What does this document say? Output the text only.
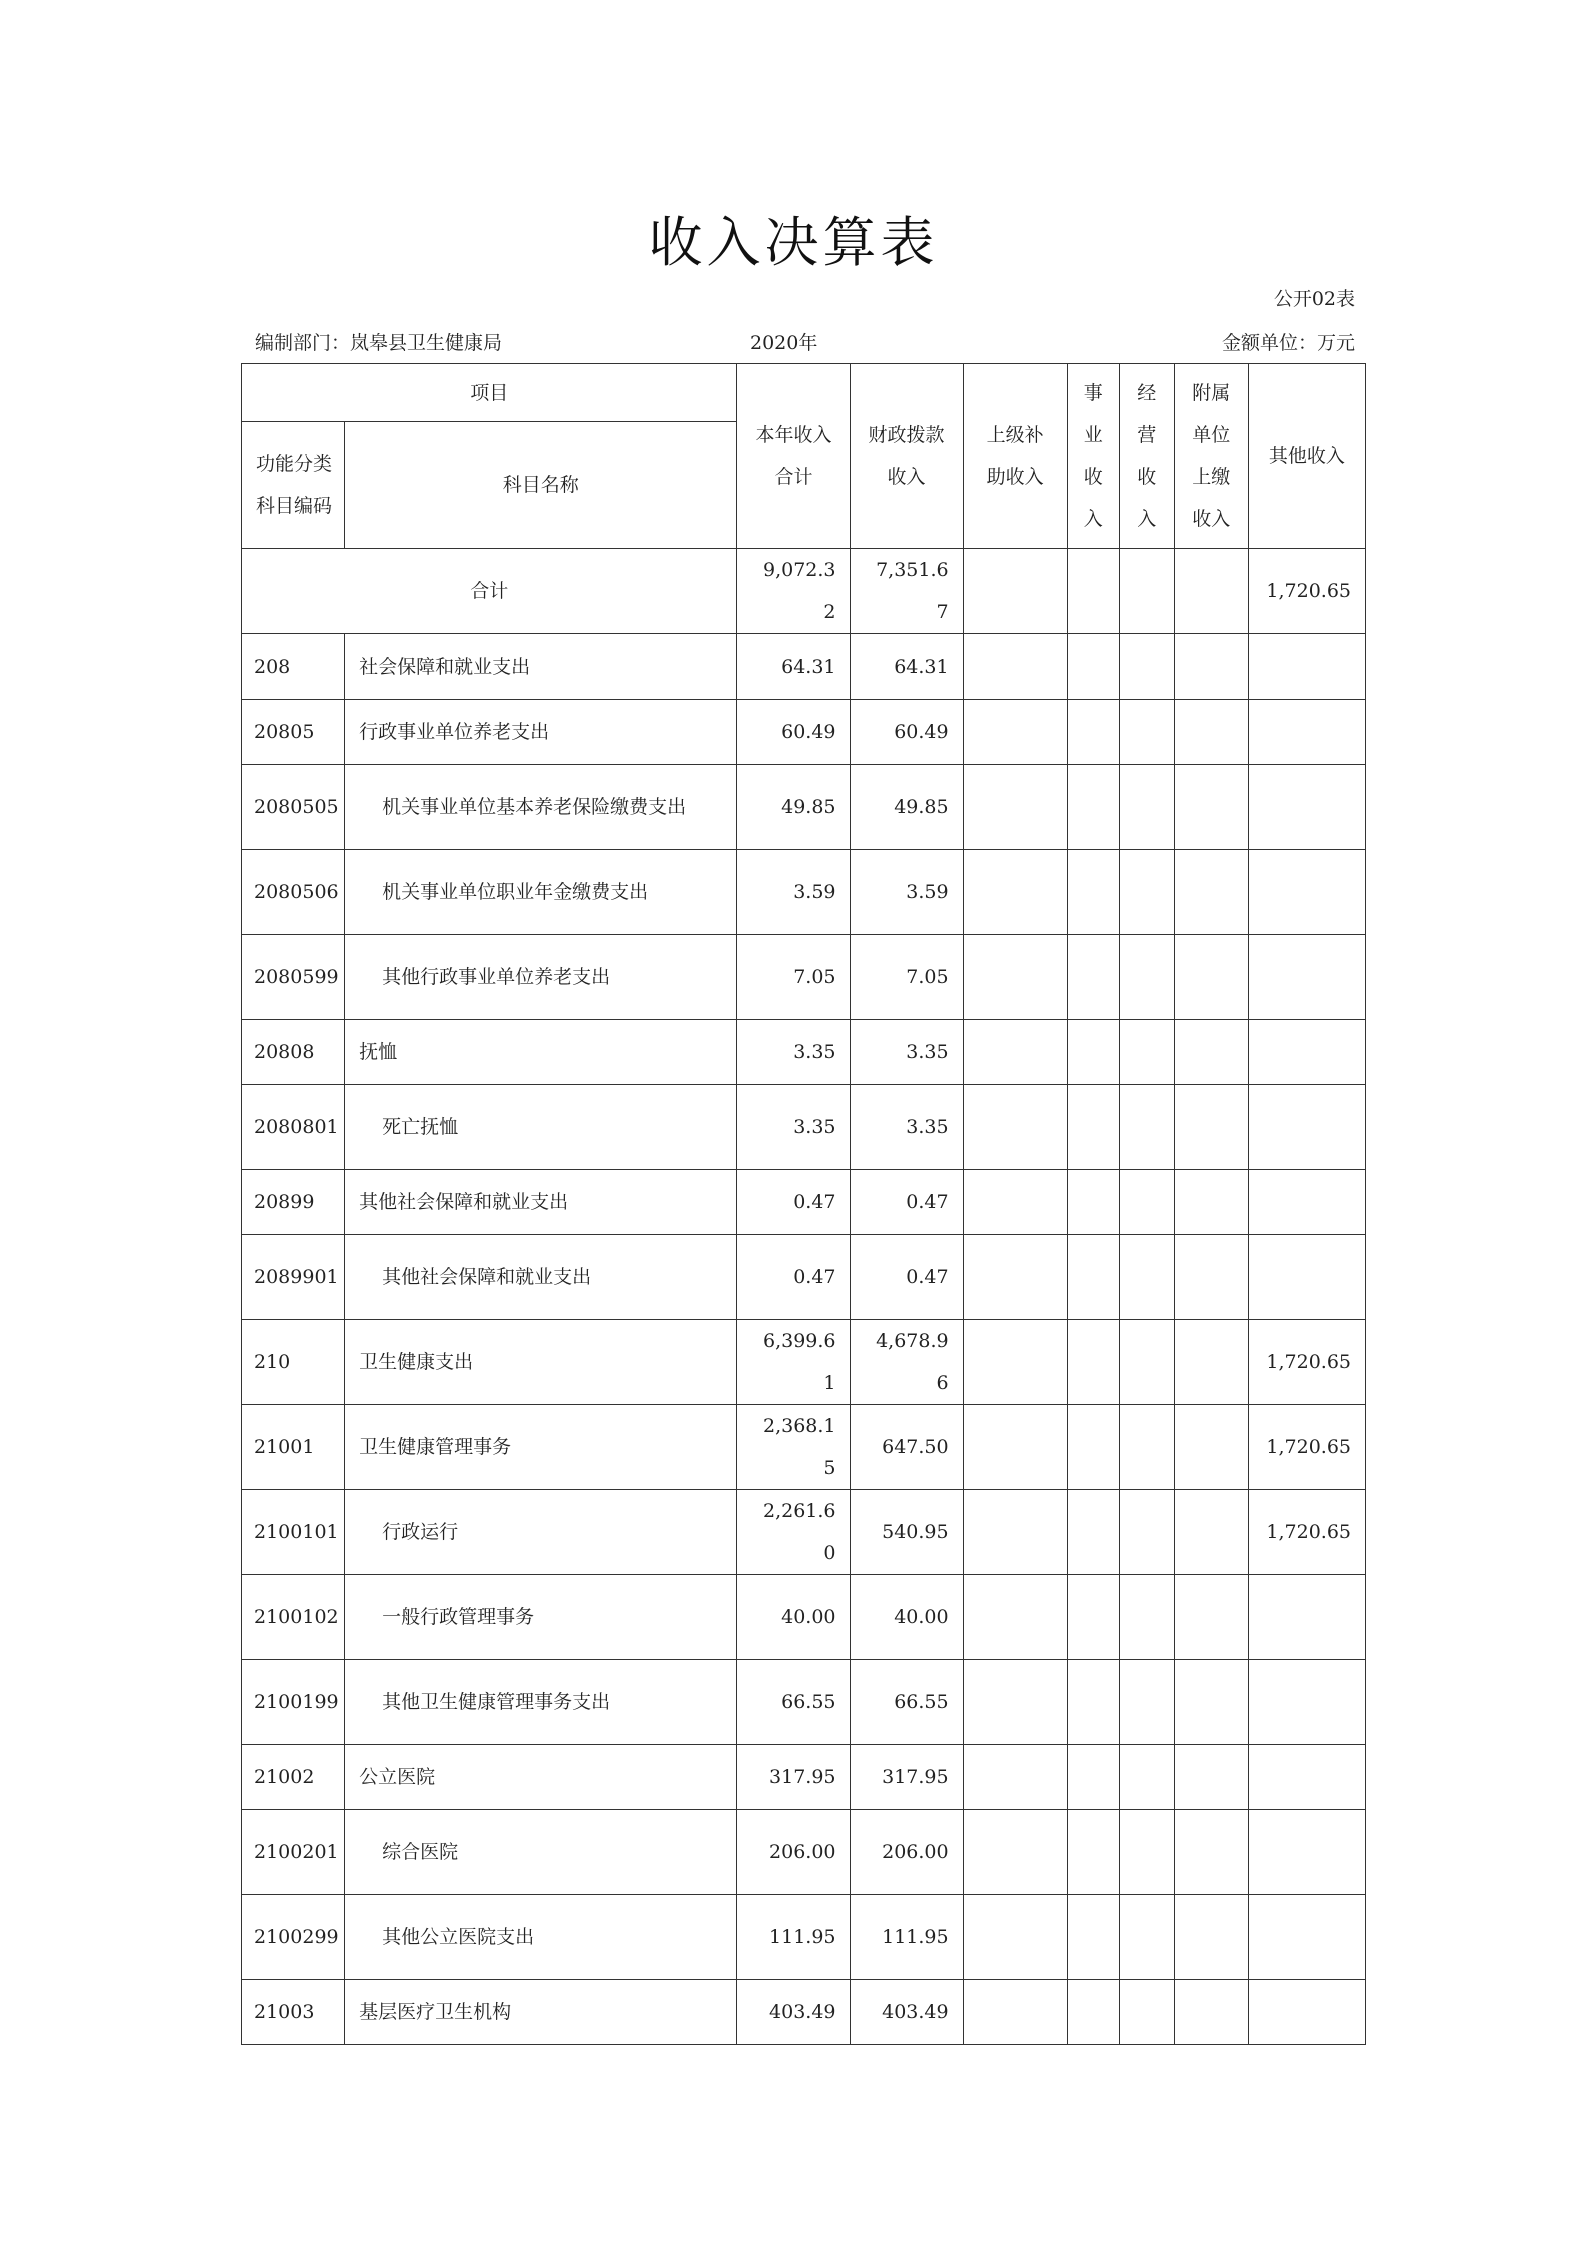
收入决算表
公开02表
编制部门：岚皋县卫生健康局	2020年	金额单位：万元
项目		本年收入合计	财政拨款收入	上级补助收入	事业收入	经营收入	附属单位上缴收入	其他收入
功能分类科目编码	科目名称							
合计		9,072.32	7,351.67					1,720.65
208	社会保障和就业支出	64.31	64.31					
20805	行政事业单位养老支出	60.49	60.49					
2080505	机关事业单位基本养老保险缴费支出	49.85	49.85					
2080506	机关事业单位职业年金缴费支出	3.59	3.59					
2080599	其他行政事业单位养老支出	7.05	7.05					
20808	抚恤	3.35	3.35					
2080801	死亡抚恤	3.35	3.35					
20899	其他社会保障和就业支出	0.47	0.47					
2089901	其他社会保障和就业支出	0.47	0.47					
210	卫生健康支出	6,399.61	4,678.96					1,720.65
21001	卫生健康管理事务	2,368.15	647.50					1,720.65
2100101	行政运行	2,261.60	540.95					1,720.65
2100102	一般行政管理事务	40.00	40.00					
2100199	其他卫生健康管理事务支出	66.55	66.55					
21002	公立医院	317.95	317.95					
2100201	综合医院	206.00	206.00					
2100299	其他公立医院支出	111.95	111.95					
21003	基层医疗卫生机构	403.49	403.49					
